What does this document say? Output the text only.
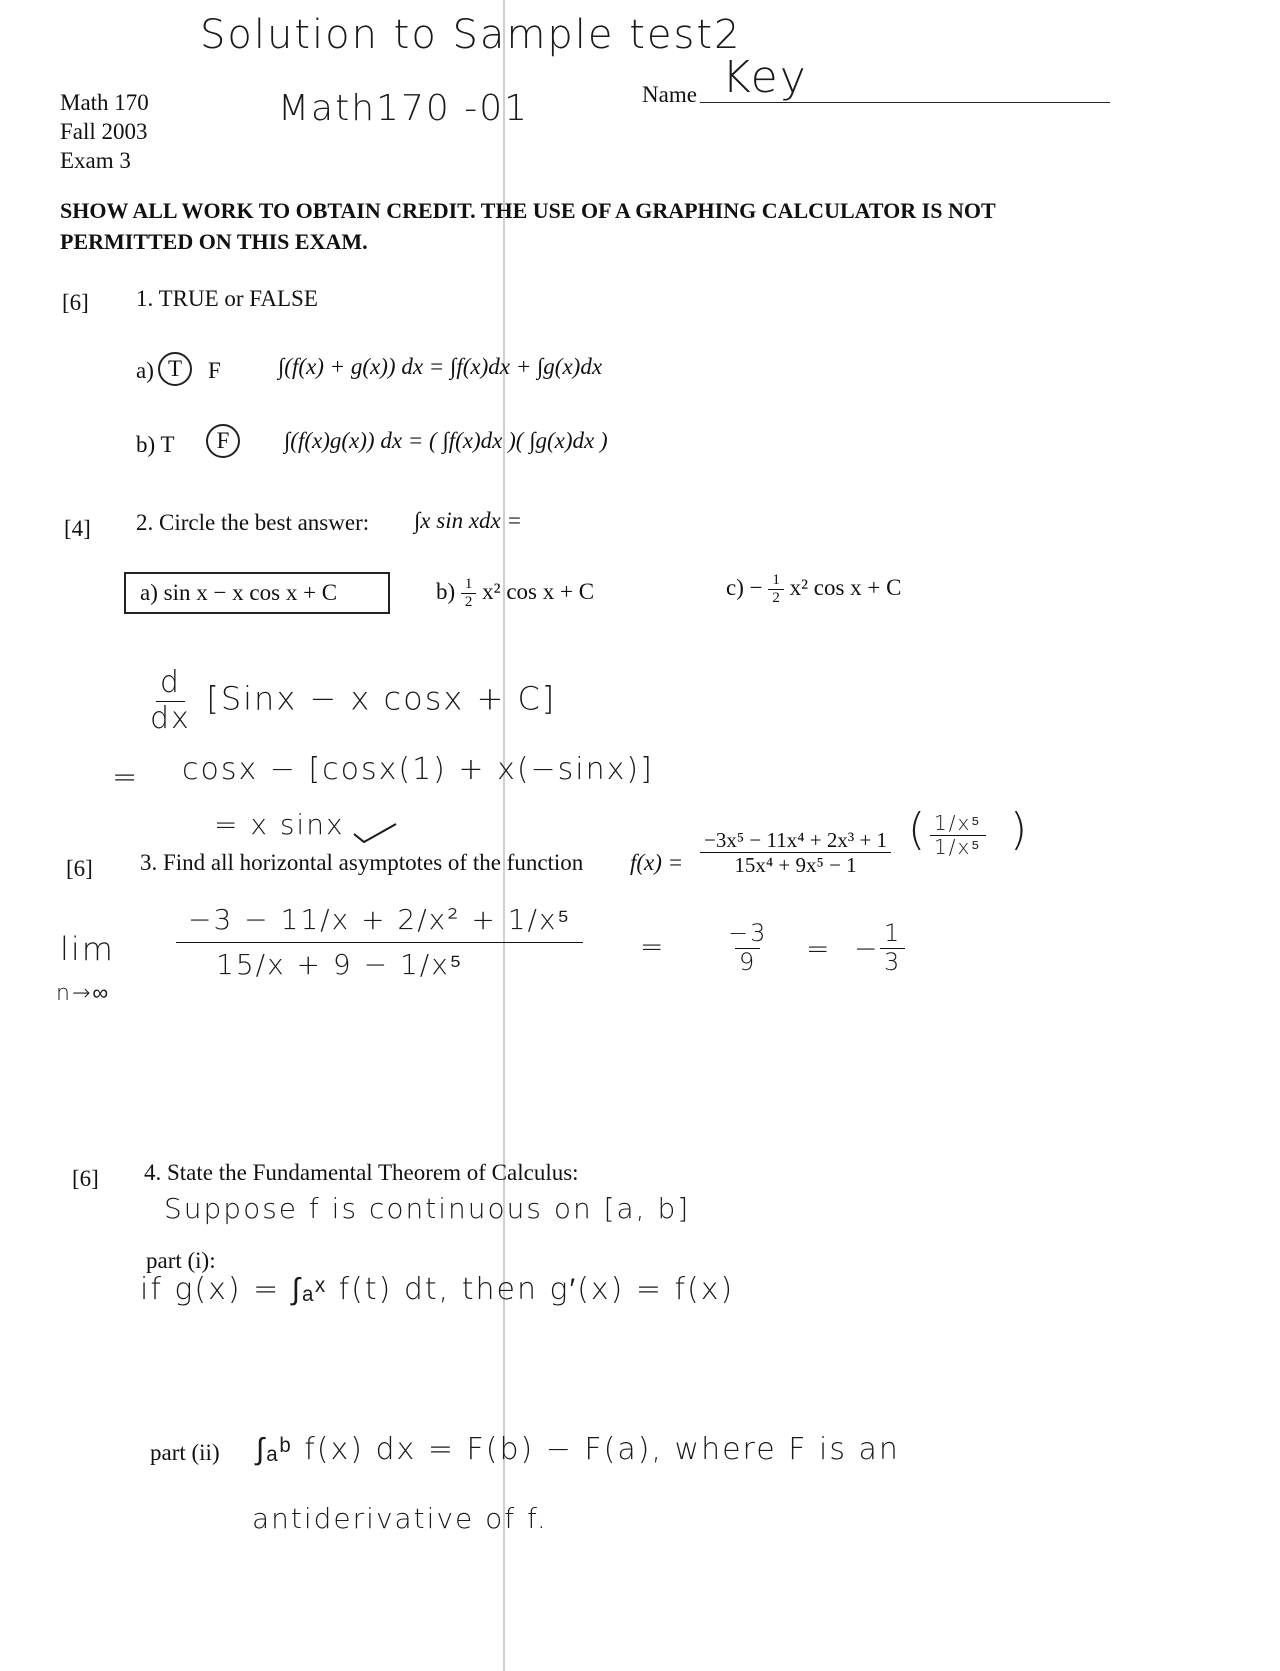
Solution to Sample test2
Math170 -01
Math 170
Fall 2003
Exam 3
Name Key
SHOW ALL WORK TO OBTAIN CREDIT. THE USE OF A GRAPHING CALCULATOR IS NOT
PERMITTED ON THIS EXAM.
[6] 1. TRUE or FALSE
a) T	F ∫(f(x) + g(x)) dx = ∫f(x)dx + ∫g(x)dx
b) T	F	∫(f(x)g(x)) dx = ( ∫f(x)dx )( ∫g(x)dx )
[4] 2. Circle the best answer: ∫x sin xdx =
a) sin x − x cos x + C	$b) \frac{1}{2} x^2$ cos x + C	$c) - \frac{1}{2} x^2$ cos x + C
$\frac{d}{dx}$ [Sinx − x cosx + C]
= cosx − [cosx(1) + x(−sinx)]
= x sinx
[6] 3. Find all horizontal asymptotes of the function $f(x) = \frac{\text{−3x⁵ − 11x⁴ + 2x³ + 1}}{\text{15x⁴ + 9x⁵ − 1}}$ ( $\frac{\text{1/x⁵}}{\text{1/x⁵}}$ )
lim
n→∞
$\frac{\text{−3 − 11/x + 2/x² + 1/x⁵}}{\text{15/x + 9 − 1/x⁵}} = \frac{-3}{9}$ = − $\frac{1}{3}$
[6] 4. State the Fundamental Theorem of Calculus:
Suppose f is continuous on [a, b]
part (i):
if g(x) = ∫ₐˣ f(t) dt, then g′(x) = f(x)
part (ii) ∫ₐᵇ f(x) dx = F(b) − F(a), where F is an
antiderivative of f.
